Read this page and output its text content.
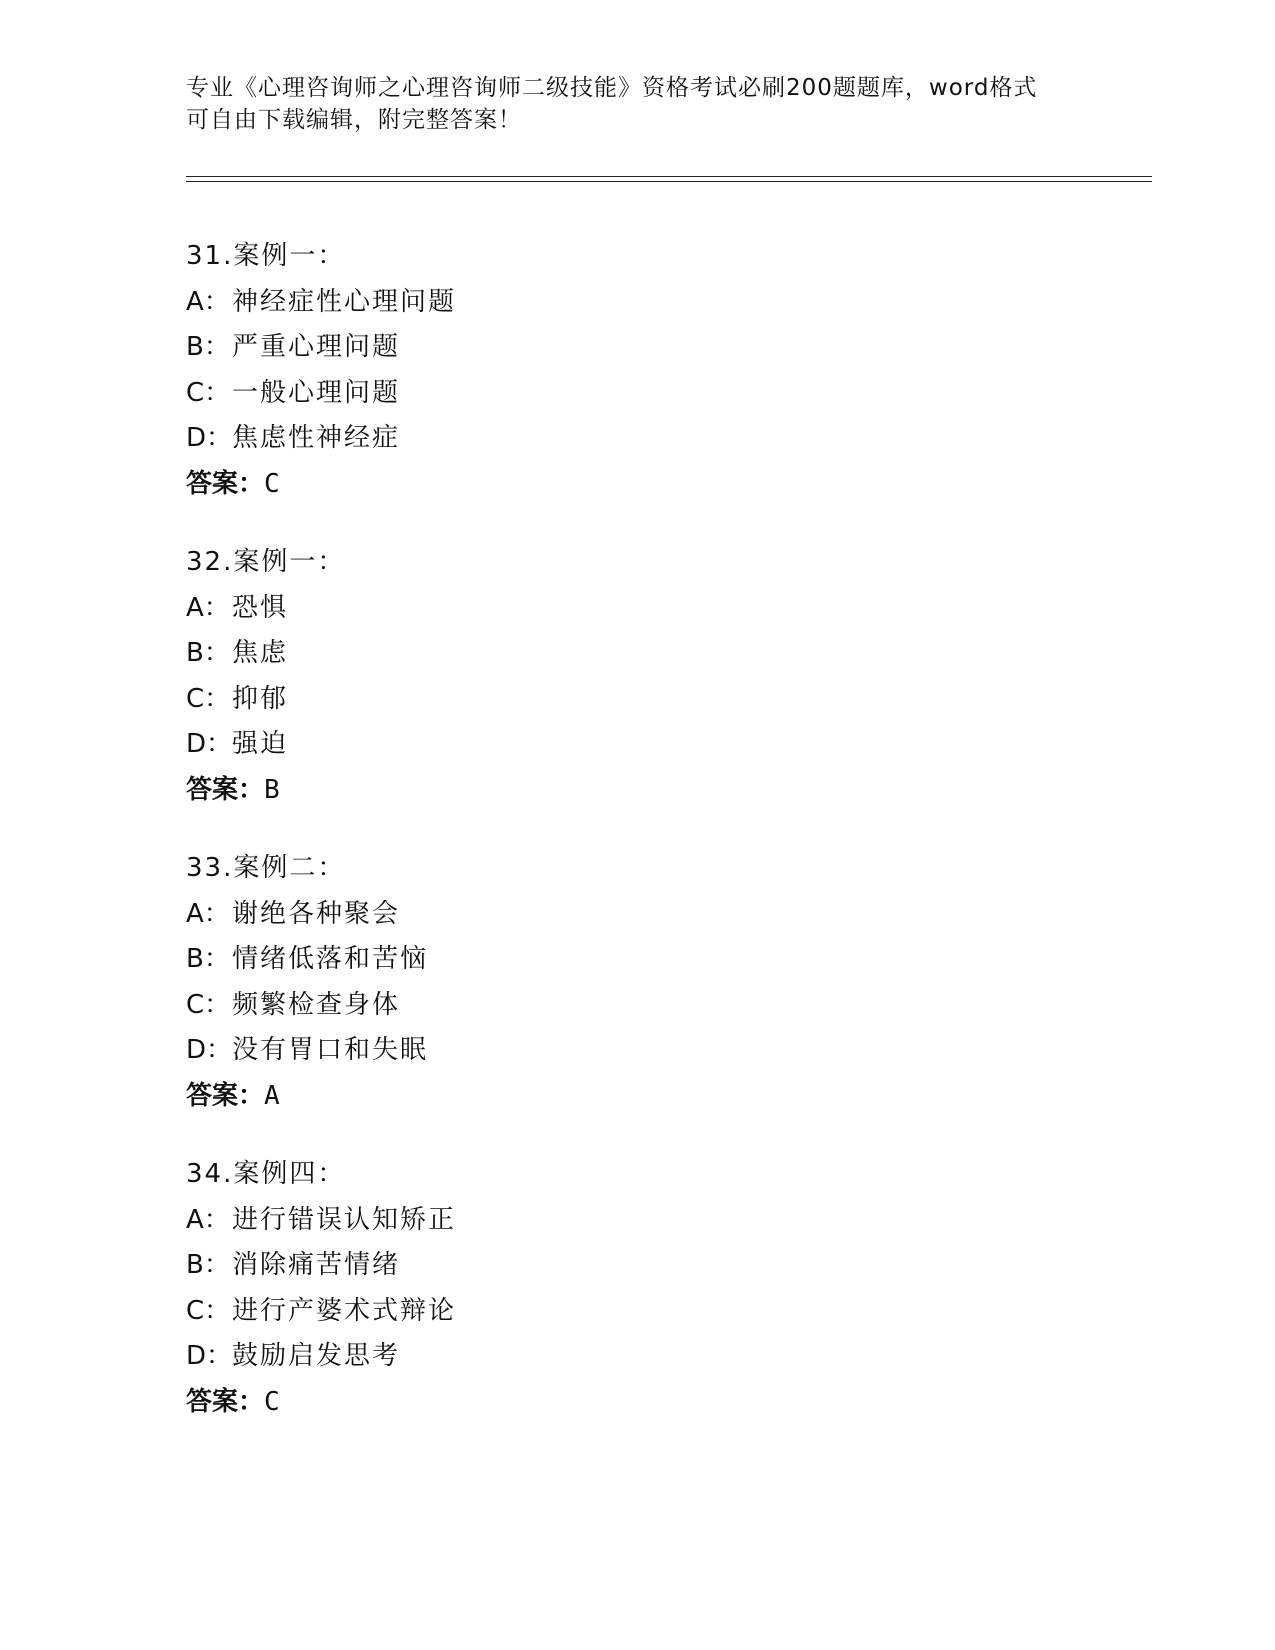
专业《心理咨询师之心理咨询师二级技能》资格考试必刷200题题库，word格式
可自由下载编辑，附完整答案！
31.案例一：
A：神经症性心理问题
B：严重心理问题
C：一般心理问题
D：焦虑性神经症
答案：C
32.案例一：
A：恐惧
B：焦虑
C：抑郁
D：强迫
答案：B
33.案例二：
A：谢绝各种聚会
B：情绪低落和苦恼
C：频繁检查身体
D：没有胃口和失眠
答案：A
34.案例四：
A：进行错误认知矫正
B：消除痛苦情绪
C：进行产婆术式辩论
D：鼓励启发思考
答案：C
